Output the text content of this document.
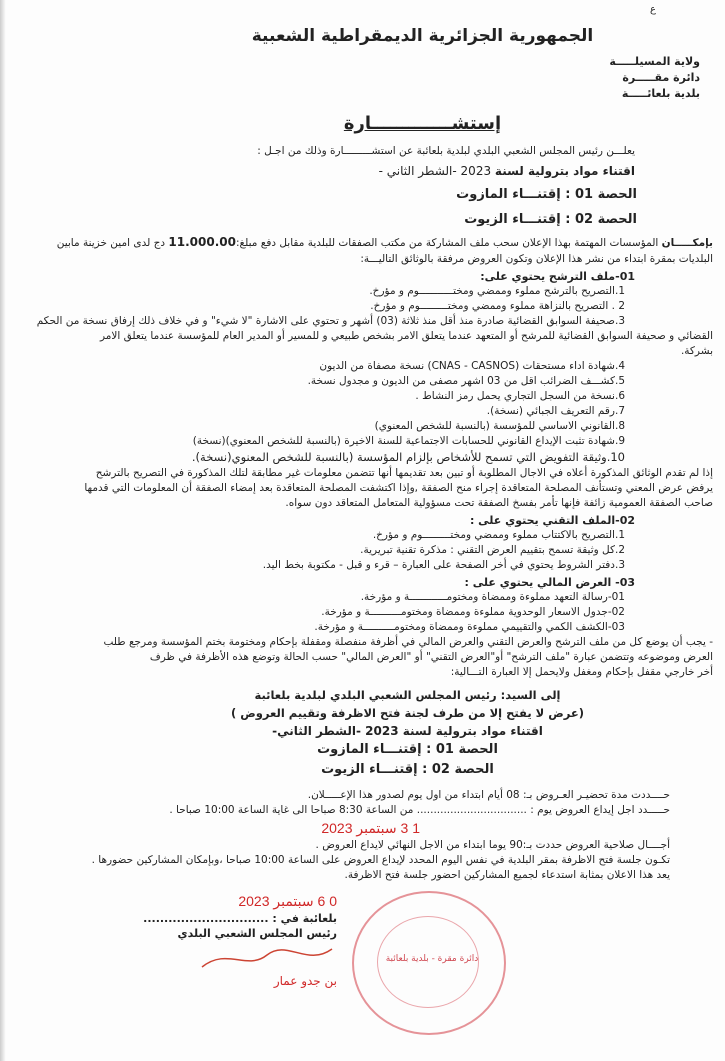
ع
الجمهورية الجزائرية الديمقراطية الشعبية
ولاية المسيلـــــة
دائرة مقـــــرة
بلدية بلعائـــــة
إستشـــــــــــــارة
يعلـــن رئيس المجلس الشعبي البلدي لبلدية بلعائبة عن استشـــــــــارة وذلك من اجـل :
اقتناء مواد بترولية لسنة 2023 -الشطر الثاني -
الحصة 01 : إقتنـــاء المازوت
الحصة 02 : إقتنـــاء الزيوت
بإمكـــــان المؤسسات المهتمة بهذا الإعلان سحب ملف المشاركة من مكتب الصفقات للبلدية مقابل دفع مبلغ:11.000.00 دج لدى امين خزينة مابين
البلديات بمقرة ابتداء من نشر هذا الإعلان وتكون العروض مرفقة بالوثائق التاليـــة:
01-ملف الترشح يحتوي على:
1.التصريح بالترشح مملوء وممضي ومختـــــــــــوم و مؤرخ.
2 . التصريح بالنزاهة مملوء وممضي ومختـــــــــوم و مؤرخ.
3.صحيفة السوابق القضائية صادرة منذ أقل منذ ثلاثة (03) أشهر و تحتوي على الاشارة "لا شيء" و في خلاف ذلك إرفاق نسخة من الحكم
القضائي و صحيفة السوابق القضائية للمرشح أو المتعهد عندما يتعلق الامر بشخص طبيعي و للمسير أو المدير العام للمؤسسة عندما يتعلق الامر
بشركة.
4.شهادة اداء مستحقات (CNAS - CASNOS) نسخة مصفاة من الديون
5.كشـــف الضرائب اقل من 03 اشهر مصفى من الديون و مجدول نسخة.
6.نسخة من السجل التجاري يحمل رمز النشاط .
7.رقم التعريف الجبائي (نسخة).
8.القانوني الاساسي للمؤسسة (بالنسبة للشخص المعنوي)
9.شهادة تثبت الإيداع القانوني للحسابات الاجتماعية للسنة الاخيرة (بالنسبة للشخص المعنوي)(نسخة)
10.وثيقة التفويض التي تسمح للأشخاص بإلزام المؤسسة (بالنسبة للشخص المعنوي(نسخة).
إذا لم تقدم الوثائق المذكورة أعلاه في الاجال المطلوبة أو تبين بعد تقديمها أنها تتضمن معلومات غير مطابقة لتلك المذكورة في التصريح بالترشح
يرفض عرض المعني وتستأنف المصلحة المتعاقدة إجراء منح الصفقة ,وإذا اكتشفت المصلحة المتعاقدة بعد إمضاء الصفقة أن المعلومات التي قدمها
صاحب الصفقة العمومية زائفة فإنها تأمر بفسخ الصفقة تحت مسؤولية المتعامل المتعاقد دون سواه.
02-الملف التقني يحتوي على :
1.التصريح بالاكتتاب مملوء وممضي ومختـــــــــوم و مؤرخ.
2.كل وثيقة تسمح بتقييم العرض التقني : مذكرة تقنية تبريرية.
3.دفتر الشروط يحتوي في أخر الصفحة على العبارة – قرء و قبل - مكتوبة بخط اليد.
03- العرض المالي يحتوي على :
01-رسالة التعهد مملوءة وممضاة ومختومــــــــــــة و مؤرخة.
02-جدول الاسعار الوحدوية مملوءة وممضاة ومختومــــــــــة و مؤرخة.
03-الكشف الكمي والتقييمي مملوءة وممضاة ومختومــــــــــة و مؤرخة.
- يجب أن يوضع كل من ملف الترشح والعرض التقني والعرض المالي في أظرفة منفصلة ومقفلة بإحكام ومختومة بختم المؤسسة ومرجع طلب
العرض وموضوعه وتتضمن عبارة "ملف الترشح" أو"العرض التقني" أو "العرض المالي" حسب الحالة وتوضع هذه الأظرفة في ظرف
أخر خارجي مقفل بإحكام ومغفل ولايحمل إلا العبارة التـــالية:
إلى السيد: رئيس المجلس الشعبي البلدي لبلدية بلعائبة
(عرض لا يفتح إلا من طرف لجنة فتح الاظرفة وتقييم العروض )
اقتناء مواد بترولية لسنة 2023 -الشطر الثاني-
الحصة 01 : إقتنـــاء المازوت
الحصة 02 : إقتنـــاء الزيوت
حــــددت مدة تحضيـر العـروض بـ: 08 أيام ابتداء من اول يوم لصدور هذا الإعـــــلان.
حـــــدد اجل إيداع العروض يوم : ................................. من الساعة 8:30 صباحا الى غاية الساعة 10:00 صباحا .
1 3 سبتمبر 2023
أجــــال صلاحية العروض حددت بـ:90 يوما ابتداء من الاجل النهائي لايداع العروض .
تكـون جلسة فتح الاظرفة بمقر البلدية في نفس اليوم المحدد لإيداع العروض على الساعة 10:00 صباحا ،وبإمكان المشاركين حضورها .
يعد هذا الاعلان بمثابة استدعاء لجميع المشاركين احضور جلسة فتح الاظرفة.
0 6 سبتمبر 2023
بلعائبة في : ..............................
رئيس المجلس الشعبي البلدي
بن جدو عمار
دائرة مقرة - بلدية بلعائبة
